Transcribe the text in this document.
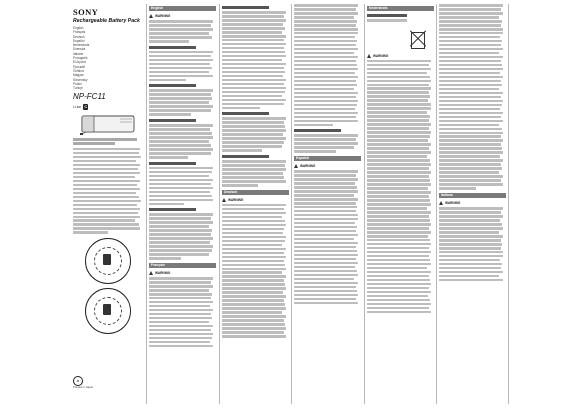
SONY
Rechargeable Battery Pack
English
Français
Deutsch
Español
Nederlands
Svenska
Italiano
Português
Ελληνικά
Русский
Čeština
Magyar
Slovensky
Polski
Türkçe
NP-FC11
Li-ion C
♻
Printed in Japan
English
WARNING
Français
WARNING
Deutsch
WARNING
Español
WARNING
Nederlands
WARNING
Italiano
WARNING
